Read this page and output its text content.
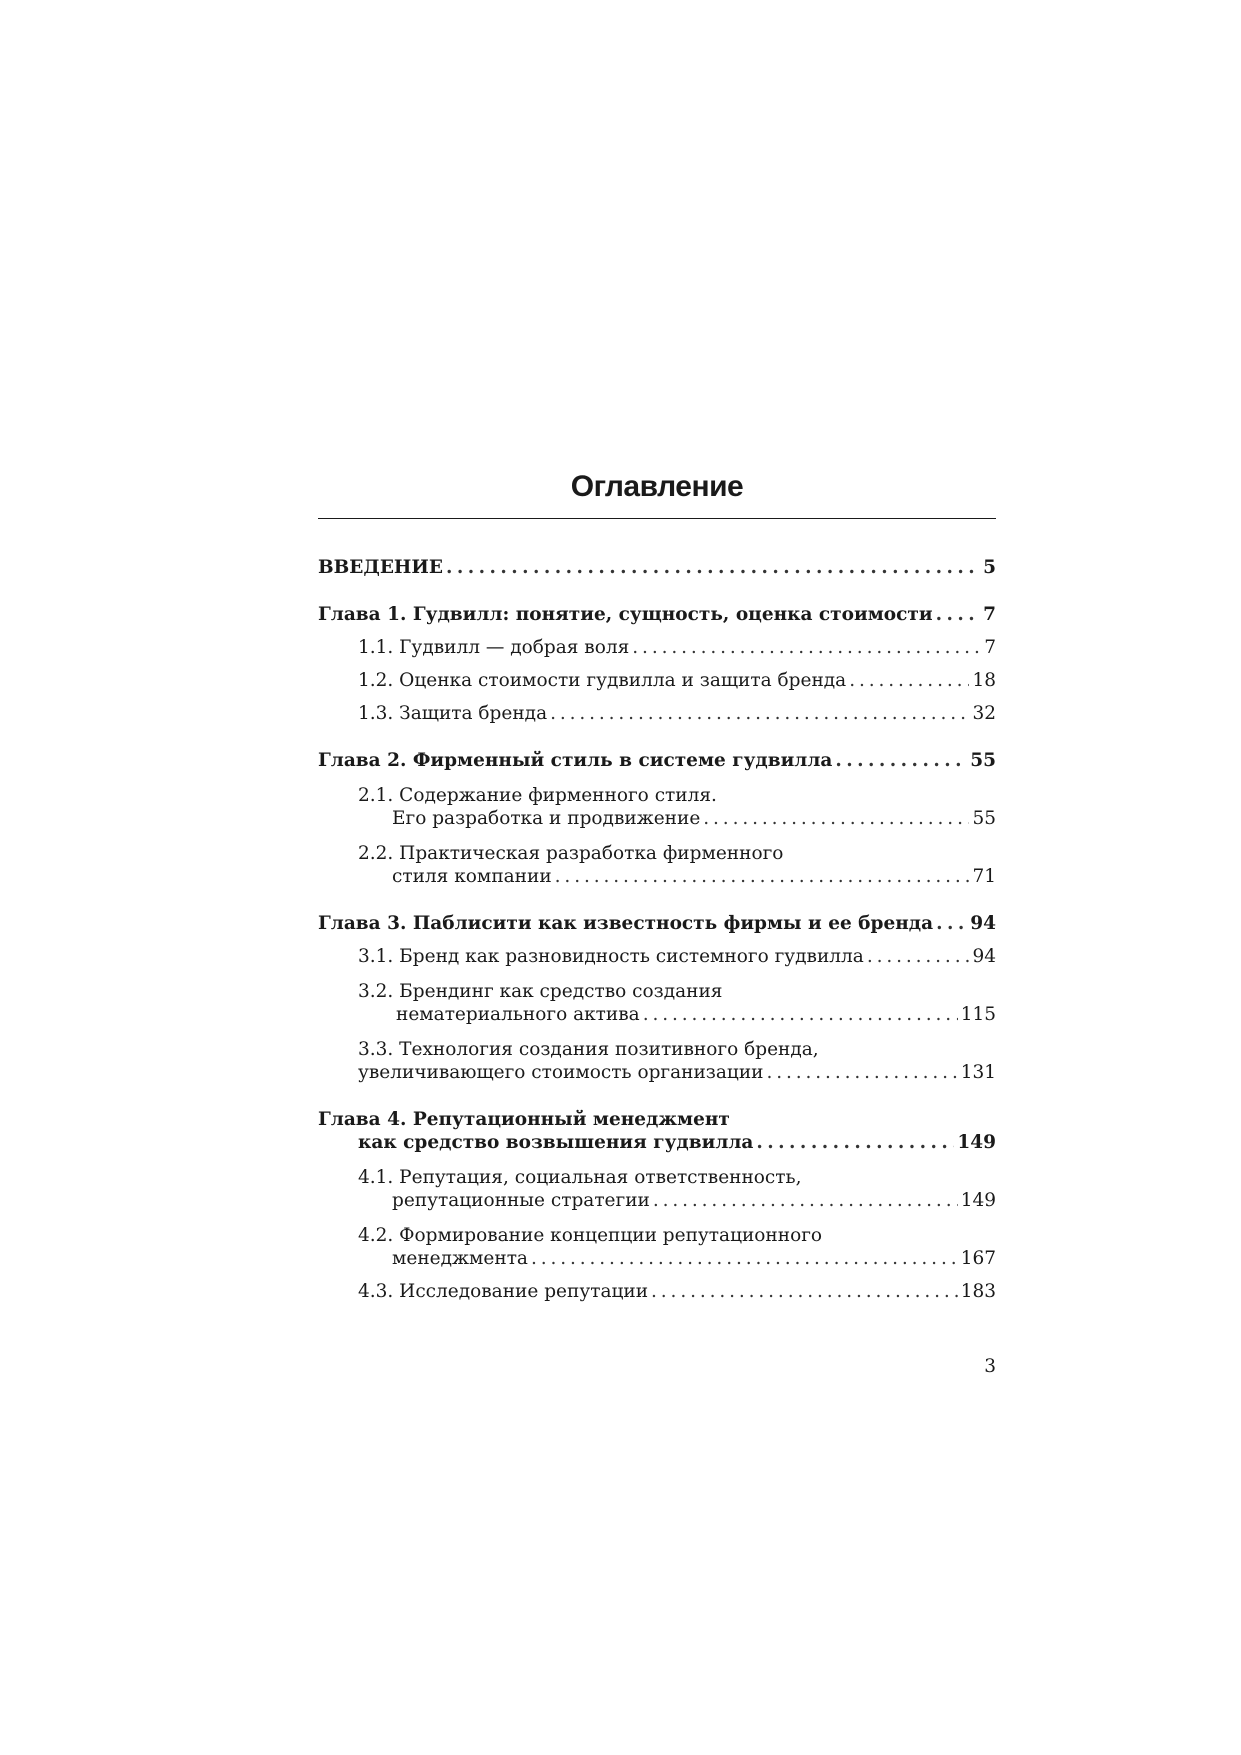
Оглавление
ВВЕДЕНИЕ . . .	5
Глава 1. Гудвилл: понятие, сущность, оценка стоимости . . .	7
1.1. Гудвилл — добрая воля . . .	7
1.2. Оценка стоимости гудвилла и защита бренда . . .	18
1.3. Защита бренда . . .	32
Глава 2. Фирменный стиль в системе гудвилла . . .	55
2.1. Содержание фирменного стиля.
Его разработка и продвижение . . .	55
2.2. Практическая разработка фирменного
стиля компании . . .	71
Глава 3. Паблисити как известность фирмы и ее бренда . . . 94
3.1. Бренд как разновидность системного гудвилла . . .	94
3.2. Брендинг как средство создания
нематериального актива . . .	115
3.3. Технология создания позитивного бренда,
увеличивающего стоимость организации . . .	131
Глава 4. Репутационный менеджмент
как средство возвышения гудвилла . . .	149
4.1. Репутация, социальная ответственность,
репутационные стратегии . . .	149
4.2. Формирование концепции репутационного
менеджмента . . .	167
4.3. Исследование репутации . . .	183
3
